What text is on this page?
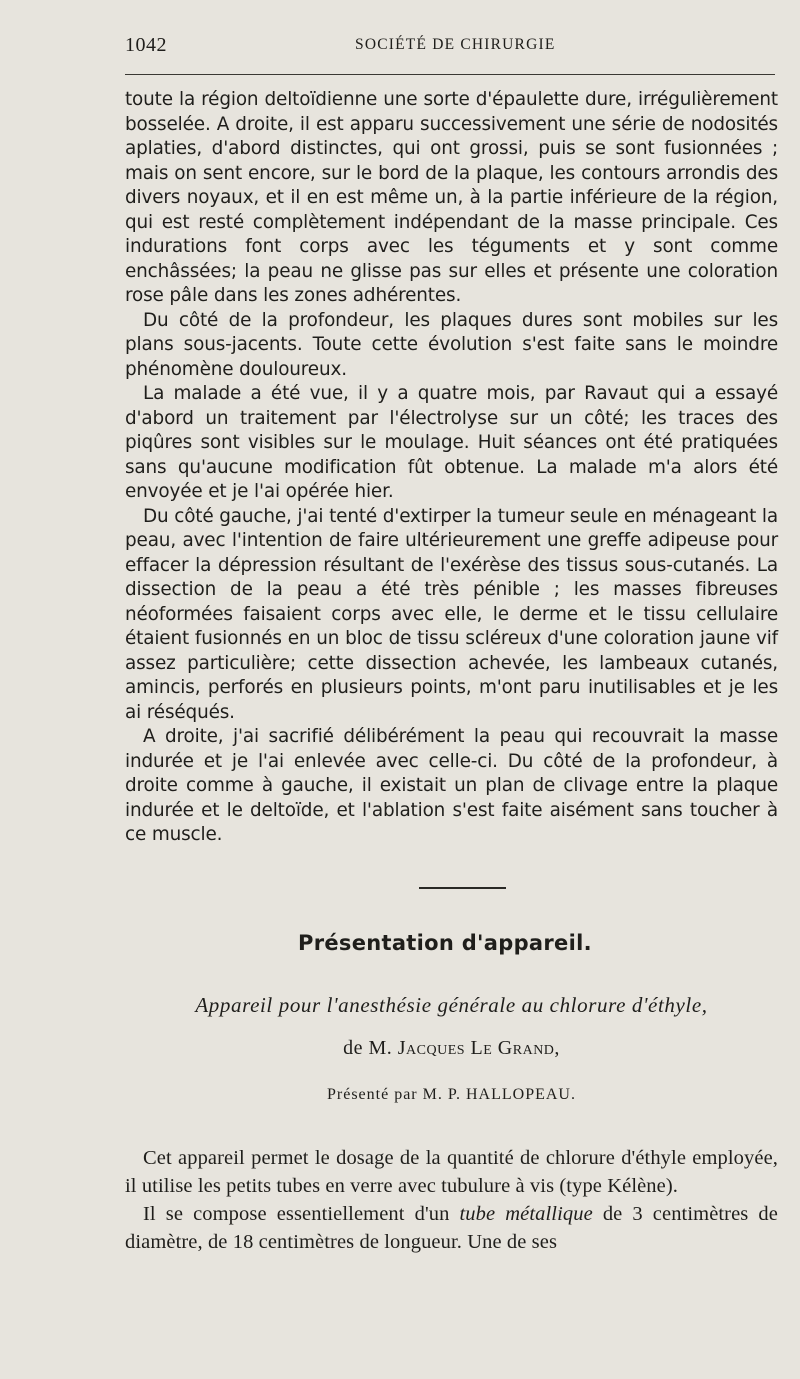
1042	SOCIÉTÉ DE CHIRURGIE

toute la région deltoïdienne une sorte d'épaulette dure, irrégulièrement bosselée. A droite, il est apparu successivement une série de nodosités aplaties, d'abord distinctes, qui ont grossi, puis se sont fusionnées ; mais on sent encore, sur le bord de la plaque, les contours arrondis des divers noyaux, et il en est même un, à la partie inférieure de la région, qui est resté complètement indépendant de la masse principale. Ces indurations font corps avec les téguments et y sont comme enchâssées; la peau ne glisse pas sur elles et présente une coloration rose pâle dans les zones adhérentes.

Du côté de la profondeur, les plaques dures sont mobiles sur les plans sous-jacents. Toute cette évolution s'est faite sans le moindre phénomène douloureux.

La malade a été vue, il y a quatre mois, par Ravaut qui a essayé d'abord un traitement par l'électrolyse sur un côté; les traces des piqûres sont visibles sur le moulage. Huit séances ont été pratiquées sans qu'aucune modification fût obtenue. La malade m'a alors été envoyée et je l'ai opérée hier.

Du côté gauche, j'ai tenté d'extirper la tumeur seule en ménageant la peau, avec l'intention de faire ultérieurement une greffe adipeuse pour effacer la dépression résultant de l'exérèse des tissus sous-cutanés. La dissection de la peau a été très pénible ; les masses fibreuses néoformées faisaient corps avec elle, le derme et le tissu cellulaire étaient fusionnés en un bloc de tissu scléreux d'une coloration jaune vif assez particulière; cette dissection achevée, les lambeaux cutanés, amincis, perforés en plusieurs points, m'ont paru inutilisables et je les ai réséqués.

A droite, j'ai sacrifié délibérément la peau qui recouvrait la masse indurée et je l'ai enlevée avec celle-ci. Du côté de la profondeur, à droite comme à gauche, il existait un plan de clivage entre la plaque indurée et le deltoïde, et l'ablation s'est faite aisément sans toucher à ce muscle.

Présentation d'appareil.
Appareil pour l'anesthésie générale au chlorure d'éthyle,
de M. Jacques Le Grand,
Présenté par M. P. HALLOPEAU.

Cet appareil permet le dosage de la quantité de chlorure d'éthyle employée, il utilise les petits tubes en verre avec tubulure à vis (type Kélène).

Il se compose essentiellement d'un tube métallique de 3 centimètres de diamètre, de 18 centimètres de longueur. Une de ses
